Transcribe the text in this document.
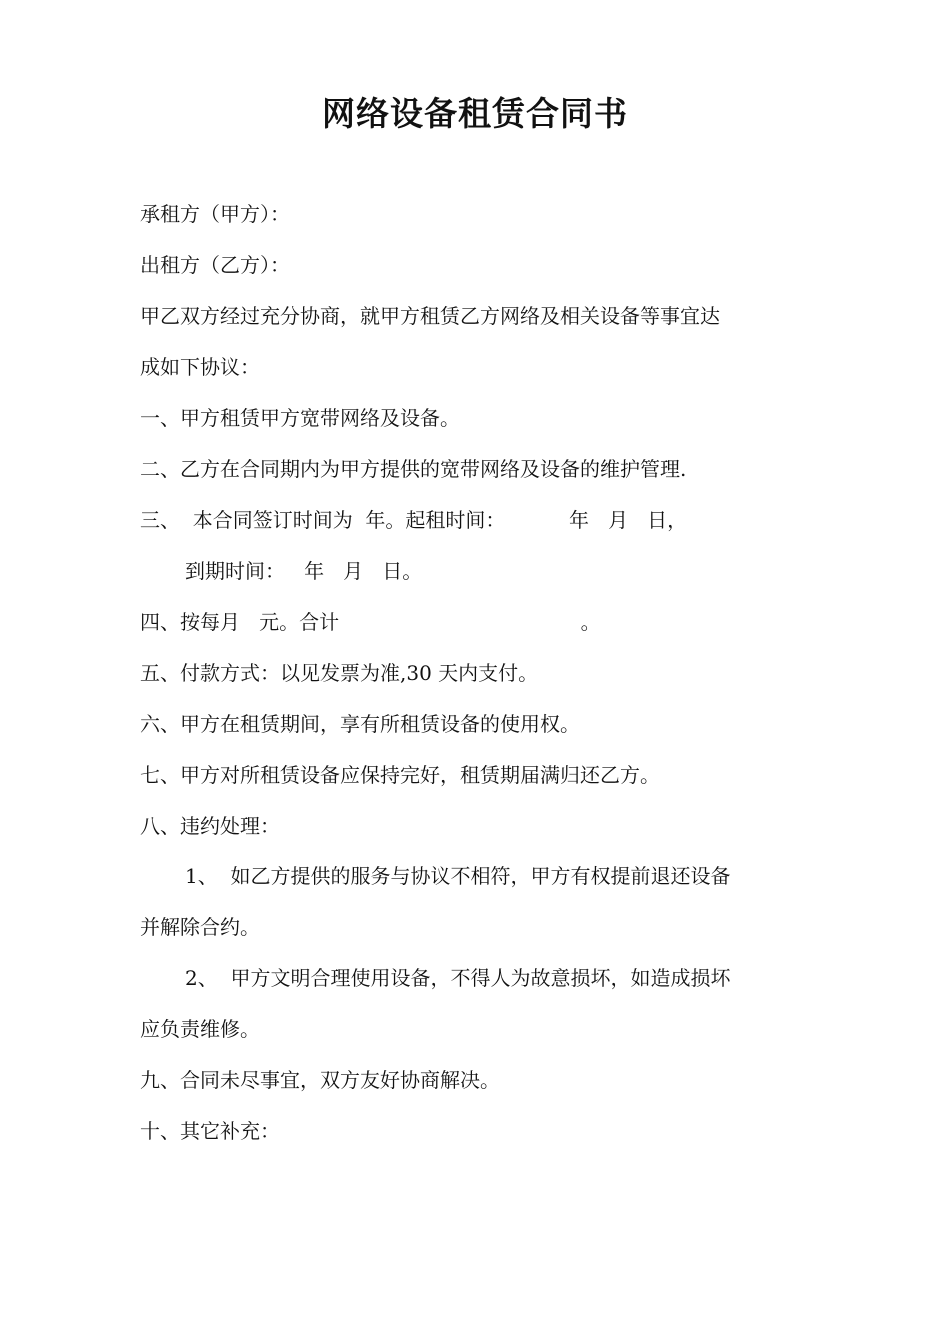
网络设备租赁合同书
承租方（甲方）：
出租方（乙方）：
甲乙双方经过充分协商，就甲方租赁乙方网络及相关设备等事宜达
成如下协议：
一、甲方租赁甲方宽带网络及设备。
二、乙方在合同期内为甲方提供的宽带网络及设备的维护管理.
三、  本合同签订时间为  年。起租时间：          年   月   日，
到期时间：   年   月   日。
四、按每月   元。合计                                      。
五、付款方式：以见发票为准,30 天内支付。
六、甲方在租赁期间，享有所租赁设备的使用权。
七、甲方对所租赁设备应保持完好，租赁期届满归还乙方。
八、违约处理：
1、  如乙方提供的服务与协议不相符，甲方有权提前退还设备
并解除合约。
2、  甲方文明合理使用设备，不得人为故意损坏，如造成损坏
应负责维修。
九、合同未尽事宜，双方友好协商解决。
十、其它补充：
